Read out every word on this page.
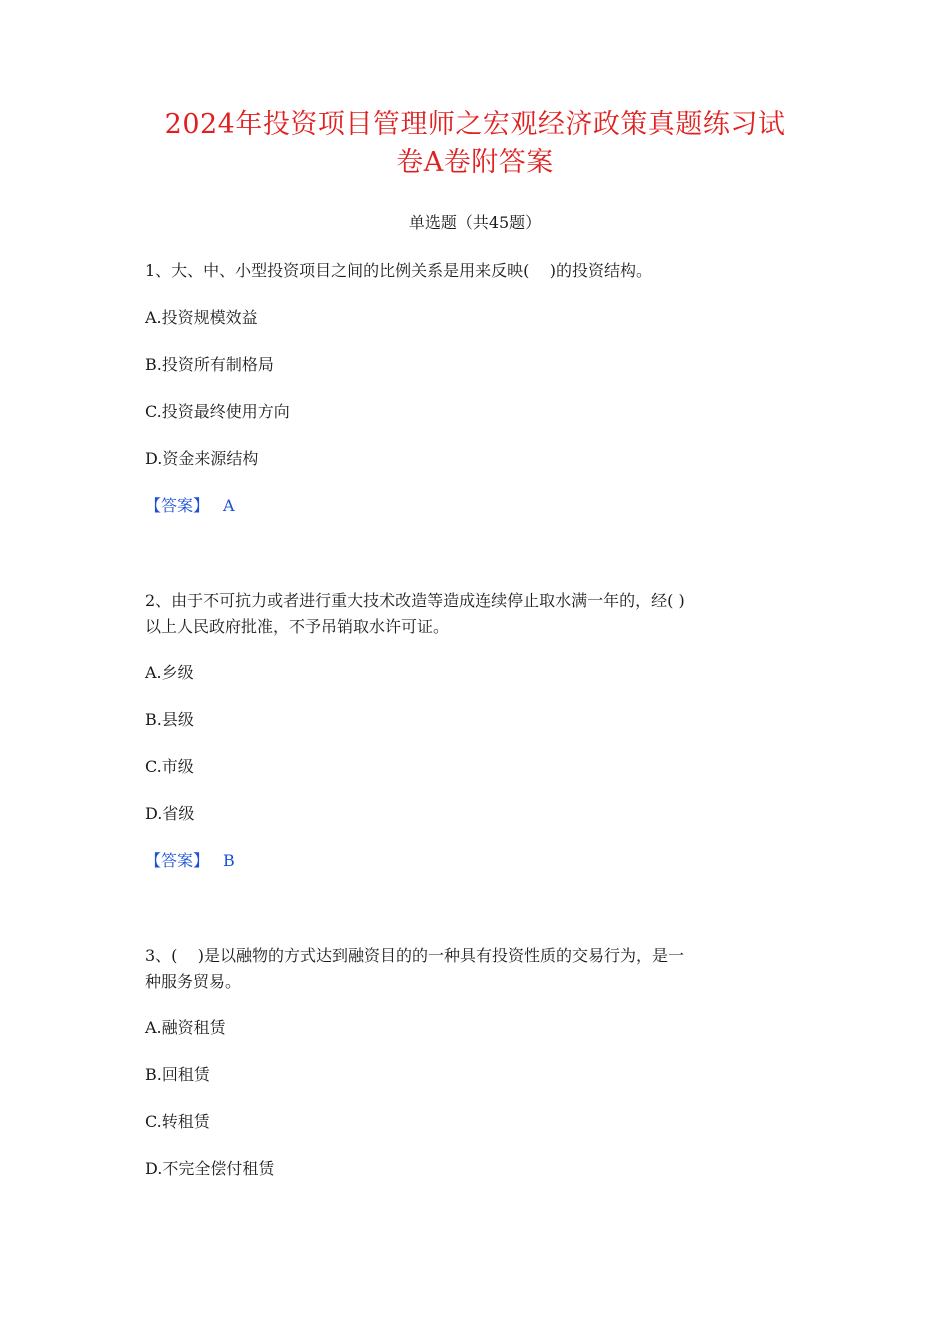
2024年投资项目管理师之宏观经济政策真题练习试
卷A卷附答案
单选题（共45题）
1、大、中、小型投资项目之间的比例关系是用来反映(    )的投资结构。
A.投资规模效益
B.投资所有制格局
C.投资最终使用方向
D.资金来源结构
【答案】 A
2、由于不可抗力或者进行重大技术改造等造成连续停止取水满一年的，经( )
以上人民政府批准，不予吊销取水许可证。
A.乡级
B.县级
C.市级
D.省级
【答案】 B
3、(    )是以融物的方式达到融资目的的一种具有投资性质的交易行为，是一
种服务贸易。
A.融资租赁
B.回租赁
C.转租赁
D.不完全偿付租赁
